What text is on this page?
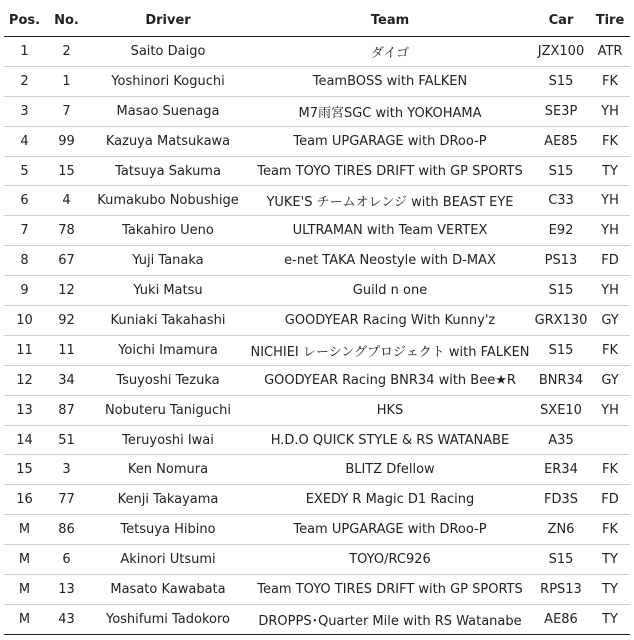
Pos.	No.	Driver	Team	Car	Tire
1	2	Saito Daigo	ダイゴ	JZX100	ATR
2	1	Yoshinori Koguchi	TeamBOSS with FALKEN	S15	FK
3	7	Masao Suenaga	M7雨宮SGC with YOKOHAMA	SE3P	YH
4	99	Kazuya Matsukawa	Team UPGARAGE with DRoo-P	AE85	FK
5	15	Tatsuya Sakuma	Team TOYO TIRES DRIFT with GP SPORTS	S15	TY
6	4	Kumakubo Nobushige	YUKE'S チームオレンジ with BEAST EYE	C33	YH
7	78	Takahiro Ueno	ULTRAMAN with Team VERTEX	E92	YH
8	67	Yuji Tanaka	e-net TAKA Neostyle with D-MAX	PS13	FD
9	12	Yuki Matsu	Guild n one	S15	YH
10	92	Kuniaki Takahashi	GOODYEAR Racing With Kunny'z	GRX130	GY
11	11	Yoichi Imamura	NICHIEI レーシングプロジェクト with FALKEN	S15	FK
12	34	Tsuyoshi Tezuka	GOODYEAR Racing BNR34 with Bee★R	BNR34	GY
13	87	Nobuteru Taniguchi	HKS	SXE10	YH
14	51	Teruyoshi Iwai	H.D.O QUICK STYLE & RS WATANABE	A35	
15	3	Ken Nomura	BLITZ Dfellow	ER34	FK
16	77	Kenji Takayama	EXEDY R Magic D1 Racing	FD3S	FD
M	86	Tetsuya Hibino	Team UPGARAGE with DRoo-P	ZN6	FK
M	6	Akinori Utsumi	TOYO/RC926	S15	TY
M	13	Masato Kawabata	Team TOYO TIRES DRIFT with GP SPORTS	RPS13	TY
M	43	Yoshifumi Tadokoro	DROPPS･Quarter Mile with RS Watanabe	AE86	TY
